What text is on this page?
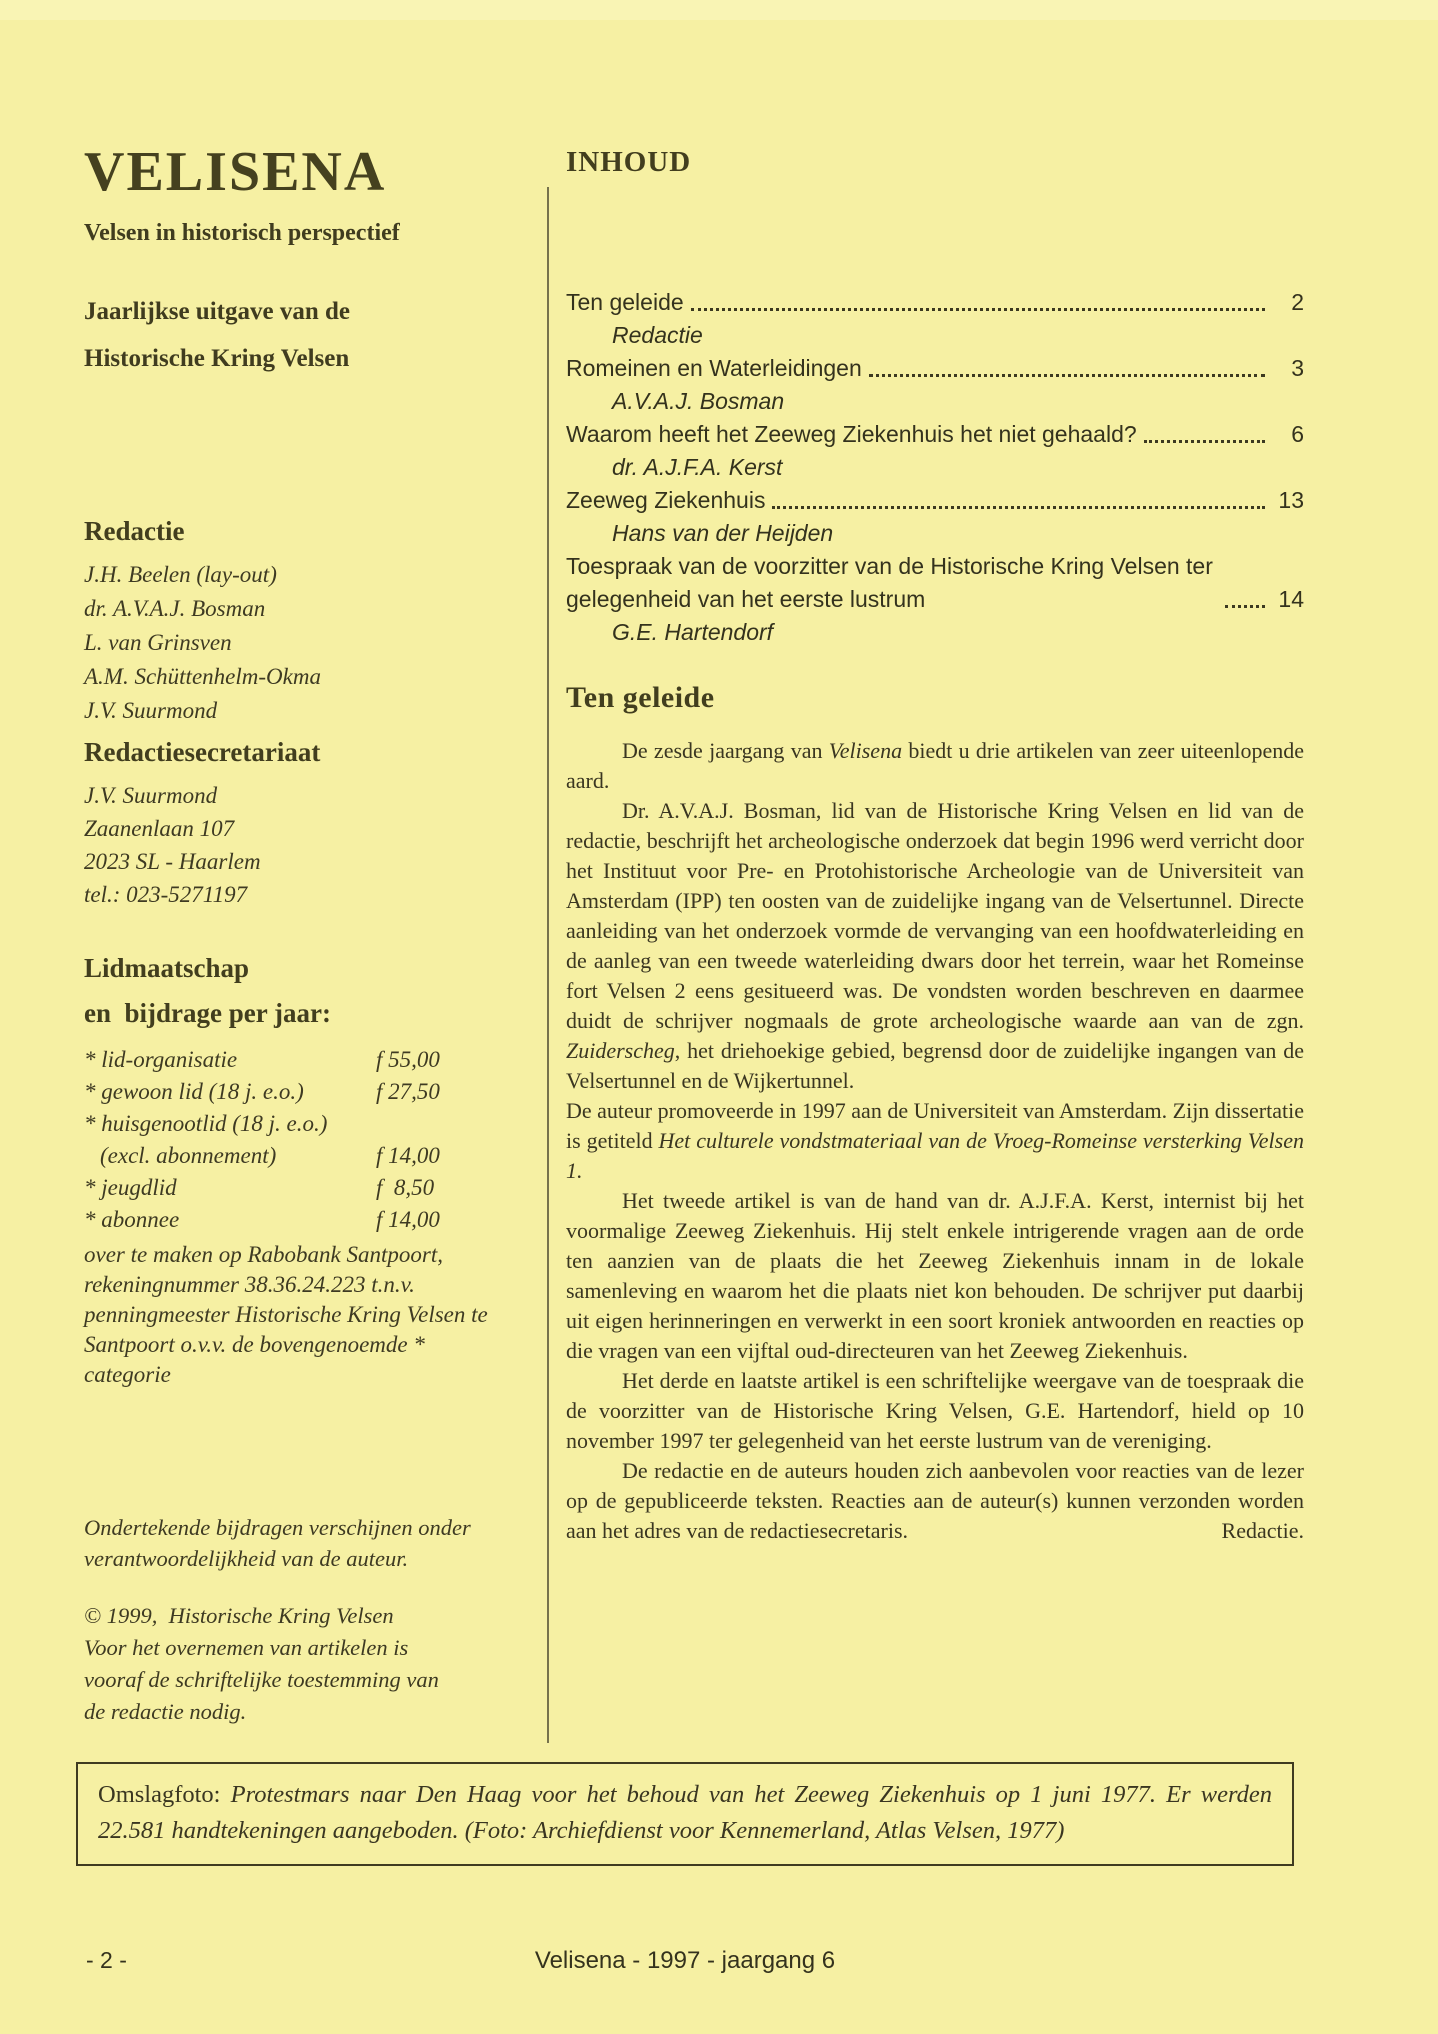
VELISENA
Velsen in historisch perspectief
Jaarlijkse uitgave van de
Historische Kring Velsen
Redactie
J.H. Beelen (lay-out)
dr. A.V.A.J. Bosman
L. van Grinsven
A.M. Schüttenhelm-Okma
J.V. Suurmond
Redactiesecretariaat
J.V. Suurmond
Zaanenlaan 107
2023 SL - Haarlem
tel.: 023-5271197
Lidmaatschap
en  bijdrage per jaar:
* lid-organisatie	f 55,00
* gewoon lid (18 j. e.o.)	f 27,50
* huisgenootlid (18 j. e.o.)
(excl. abonnement)	f 14,00
* jeugdlid	f  8,50
* abonnee	f 14,00
over te maken op Rabobank Santpoort, rekeningnummer 38.36.24.223 t.n.v. penningmeester Historische Kring Velsen te Santpoort o.v.v. de bovengenoemde * categorie
Ondertekende bijdragen verschijnen onder verantwoordelijkheid van de auteur.
© 1999,  Historische Kring Velsen
Voor het overnemen van artikelen is
vooraf de schriftelijke toestemming van
de redactie nodig.
INHOUD
Ten geleide	2
Redactie
Romeinen en Waterleidingen	3
A.V.A.J. Bosman
Waarom heeft het Zeeweg Ziekenhuis het niet gehaald?	6
dr. A.J.F.A. Kerst
Zeeweg Ziekenhuis	13
Hans van der Heijden
Toespraak van de voorzitter van de Historische Kring Velsen ter gelegenheid van het eerste lustrum	14
G.E. Hartendorf
Ten geleide

De zesde jaargang van Velisena biedt u drie artikelen van zeer uiteenlopende aard.

Dr. A.V.A.J. Bosman, lid van de Historische Kring Velsen en lid van de redactie, beschrijft het archeologische onderzoek dat begin 1996 werd verricht door het Instituut voor Pre- en Protohistorische Archeologie van de Universiteit van Amsterdam (IPP) ten oosten van de zuidelijke ingang van de Velsertunnel. Directe aanleiding van het onderzoek vormde de vervanging van een hoofdwaterleiding en de aanleg van een tweede waterleiding dwars door het terrein, waar het Romeinse fort Velsen 2 eens gesitueerd was. De vondsten worden beschreven en daarmee duidt de schrijver nogmaals de grote archeologische waarde aan van de zgn. Zuiderscheg, het driehoekige gebied, begrensd door de zuidelijke ingangen van de Velsertunnel en de Wijkertunnel.

De auteur promoveerde in 1997 aan de Universiteit van Amsterdam. Zijn dissertatie is getiteld Het culturele vondstmateriaal van de Vroeg-Romeinse versterking Velsen 1.

Het tweede artikel is van de hand van dr. A.J.F.A. Kerst, internist bij het voormalige Zeeweg Ziekenhuis. Hij stelt enkele intrigerende vragen aan de orde ten aanzien van de plaats die het Zeeweg Ziekenhuis innam in de lokale samenleving en waarom het die plaats niet kon behouden. De schrijver put daarbij uit eigen herinneringen en verwerkt in een soort kroniek antwoorden en reacties op die vragen van een vijftal oud-directeuren van het Zeeweg Ziekenhuis.

Het derde en laatste artikel is een schriftelijke weergave van de toespraak die de voorzitter van de Historische Kring Velsen, G.E. Hartendorf, hield op 10 november 1997 ter gelegenheid van het eerste lustrum van de vereniging.

De redactie en de auteurs houden zich aanbevolen voor reacties van de lezer op de gepubliceerde teksten. Reacties aan de auteur(s) kunnen verzonden worden aan het adres van de redactiesecretaris.	Redactie.
Omslagfoto: Protestmars naar Den Haag voor het behoud van het Zeeweg Ziekenhuis op 1 juni 1977. Er werden 22.581 handtekeningen aangeboden. (Foto: Archiefdienst voor Kennemerland, Atlas Velsen, 1977)
- 2 -	Velisena - 1997 - jaargang 6
